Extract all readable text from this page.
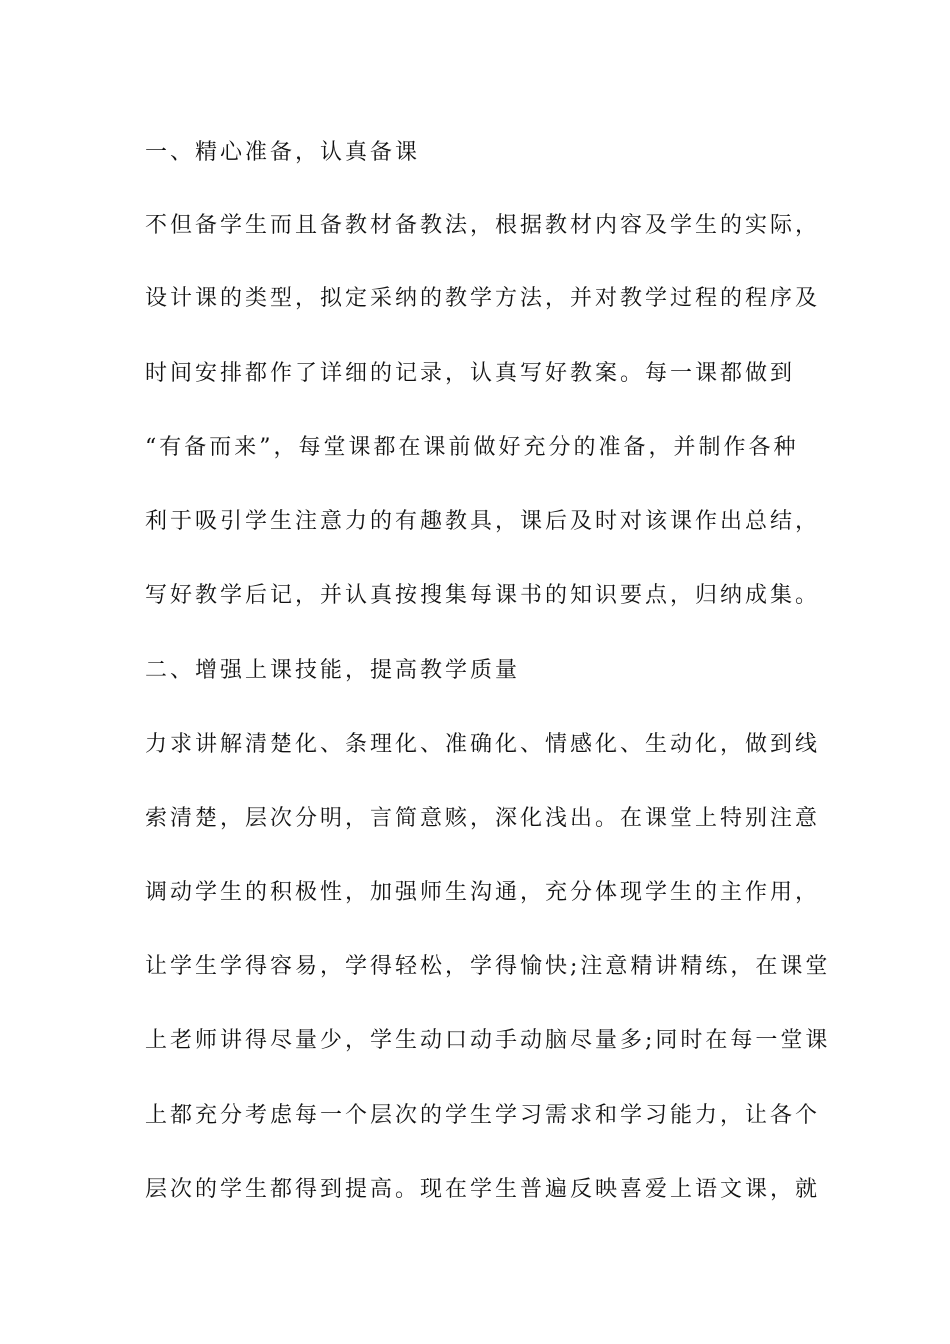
一、精心准备，认真备课

不但备学生而且备教材备教法，根据教材内容及学生的实际，

设计课的类型，拟定采纳的教学方法，并对教学过程的程序及

时间安排都作了详细的记录，认真写好教案。每一课都做到

“有备而来”，每堂课都在课前做好充分的准备，并制作各种

利于吸引学生注意力的有趣教具，课后及时对该课作出总结，

写好教学后记，并认真按搜集每课书的知识要点，归纳成集。

二、增强上课技能，提高教学质量

力求讲解清楚化、条理化、准确化、情感化、生动化，做到线

索清楚，层次分明，言简意赅，深化浅出。在课堂上特别注意

调动学生的积极性，加强师生沟通，充分体现学生的主作用，

让学生学得容易，学得轻松，学得愉快;注意精讲精练，在课堂

上老师讲得尽量少，学生动口动手动脑尽量多;同时在每一堂课

上都充分考虑每一个层次的学生学习需求和学习能力，让各个

层次的学生都得到提高。现在学生普遍反映喜爱上语文课，就
